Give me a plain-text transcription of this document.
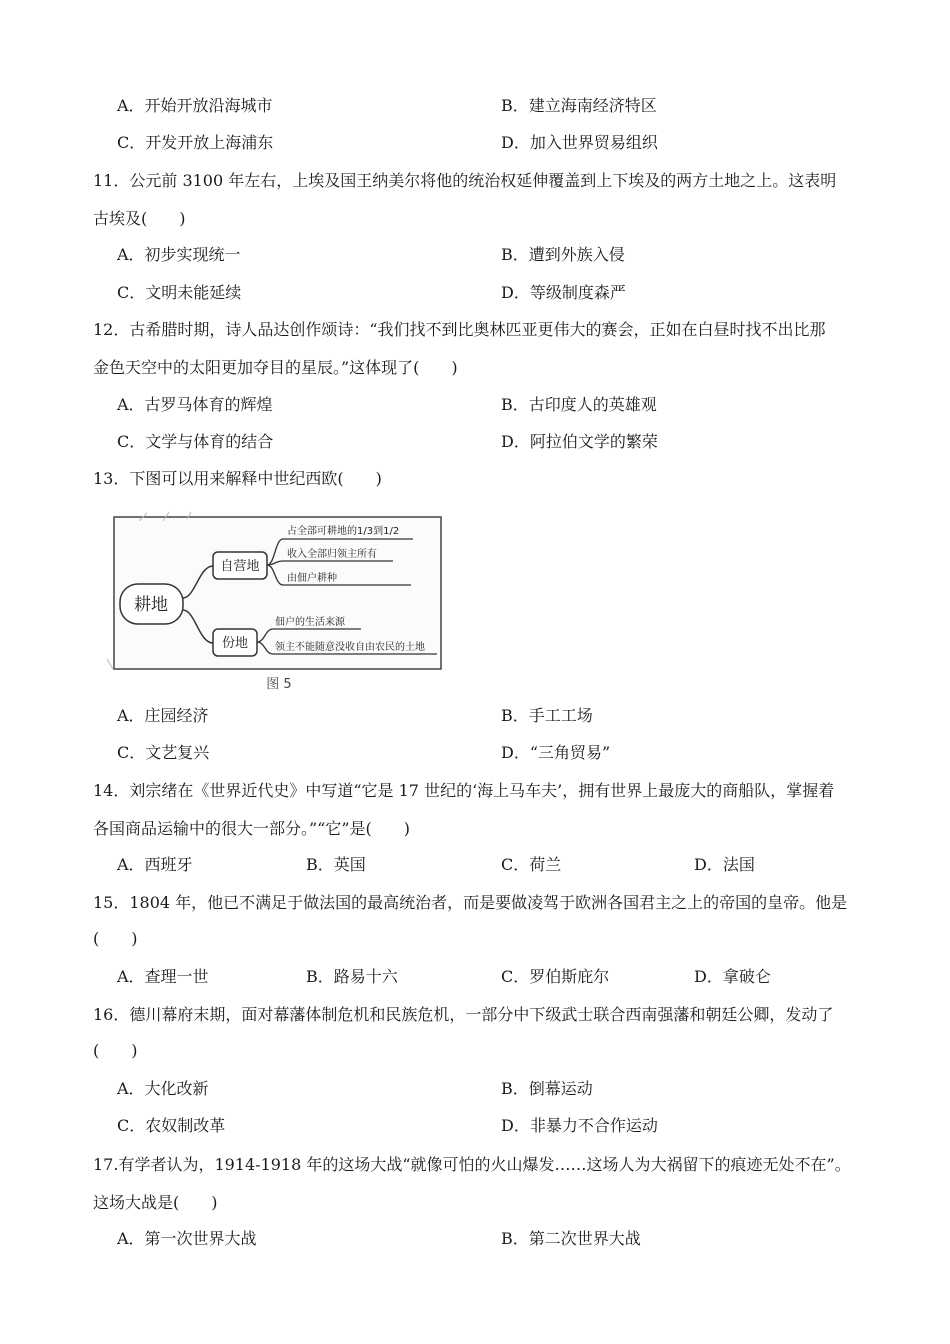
A．开始开放沿海城市	B．建立海南经济特区
C．开发开放上海浦东	D．加入世界贸易组织
11．公元前 3100 年左右，上埃及国王纳美尔将他的统治权延伸覆盖到上下埃及的两方土地之上。这表明
古埃及(　　)
A．初步实现统一	B．遭到外族入侵
C．文明未能延续	D．等级制度森严
12．古希腊时期，诗人品达创作颂诗：“我们找不到比奥林匹亚更伟大的赛会，正如在白昼时找不出比那
金色天空中的太阳更加夺目的星辰。”这体现了(　　)
A．古罗马体育的辉煌	B．古印度人的英雄观
C．文学与体育的结合	D．阿拉伯文学的繁荣
13．下图可以用来解释中世纪西欧(　　)
耕地
自营地
占全部可耕地的1/3到1/2
收入全部归领主所有
由佃户耕种
份地
佃户的生活来源
领主不能随意没收自由农民的土地
图 5
A．庄园经济	B．手工工场
C．文艺复兴	D．“三角贸易”
14．刘宗绪在《世界近代史》中写道“它是 17 世纪的‘海上马车夫’，拥有世界上最庞大的商船队，掌握着
各国商品运输中的很大一部分。”“它”是(　　)
A．西班牙	B．英国	C．荷兰	D．法国
15．1804 年，他已不满足于做法国的最高统治者，而是要做凌驾于欧洲各国君主之上的帝国的皇帝。他是
(　　)
A．查理一世	B．路易十六	C．罗伯斯庇尔	D．拿破仑
16．德川幕府末期，面对幕藩体制危机和民族危机，一部分中下级武士联合西南强藩和朝廷公卿，发动了
(　　)
A．大化改新	B．倒幕运动
C．农奴制改革	D．非暴力不合作运动
17.有学者认为，1914-1918 年的这场大战“就像可怕的火山爆发……这场人为大祸留下的痕迹无处不在”。
这场大战是(　　)
A．第一次世界大战	B．第二次世界大战
